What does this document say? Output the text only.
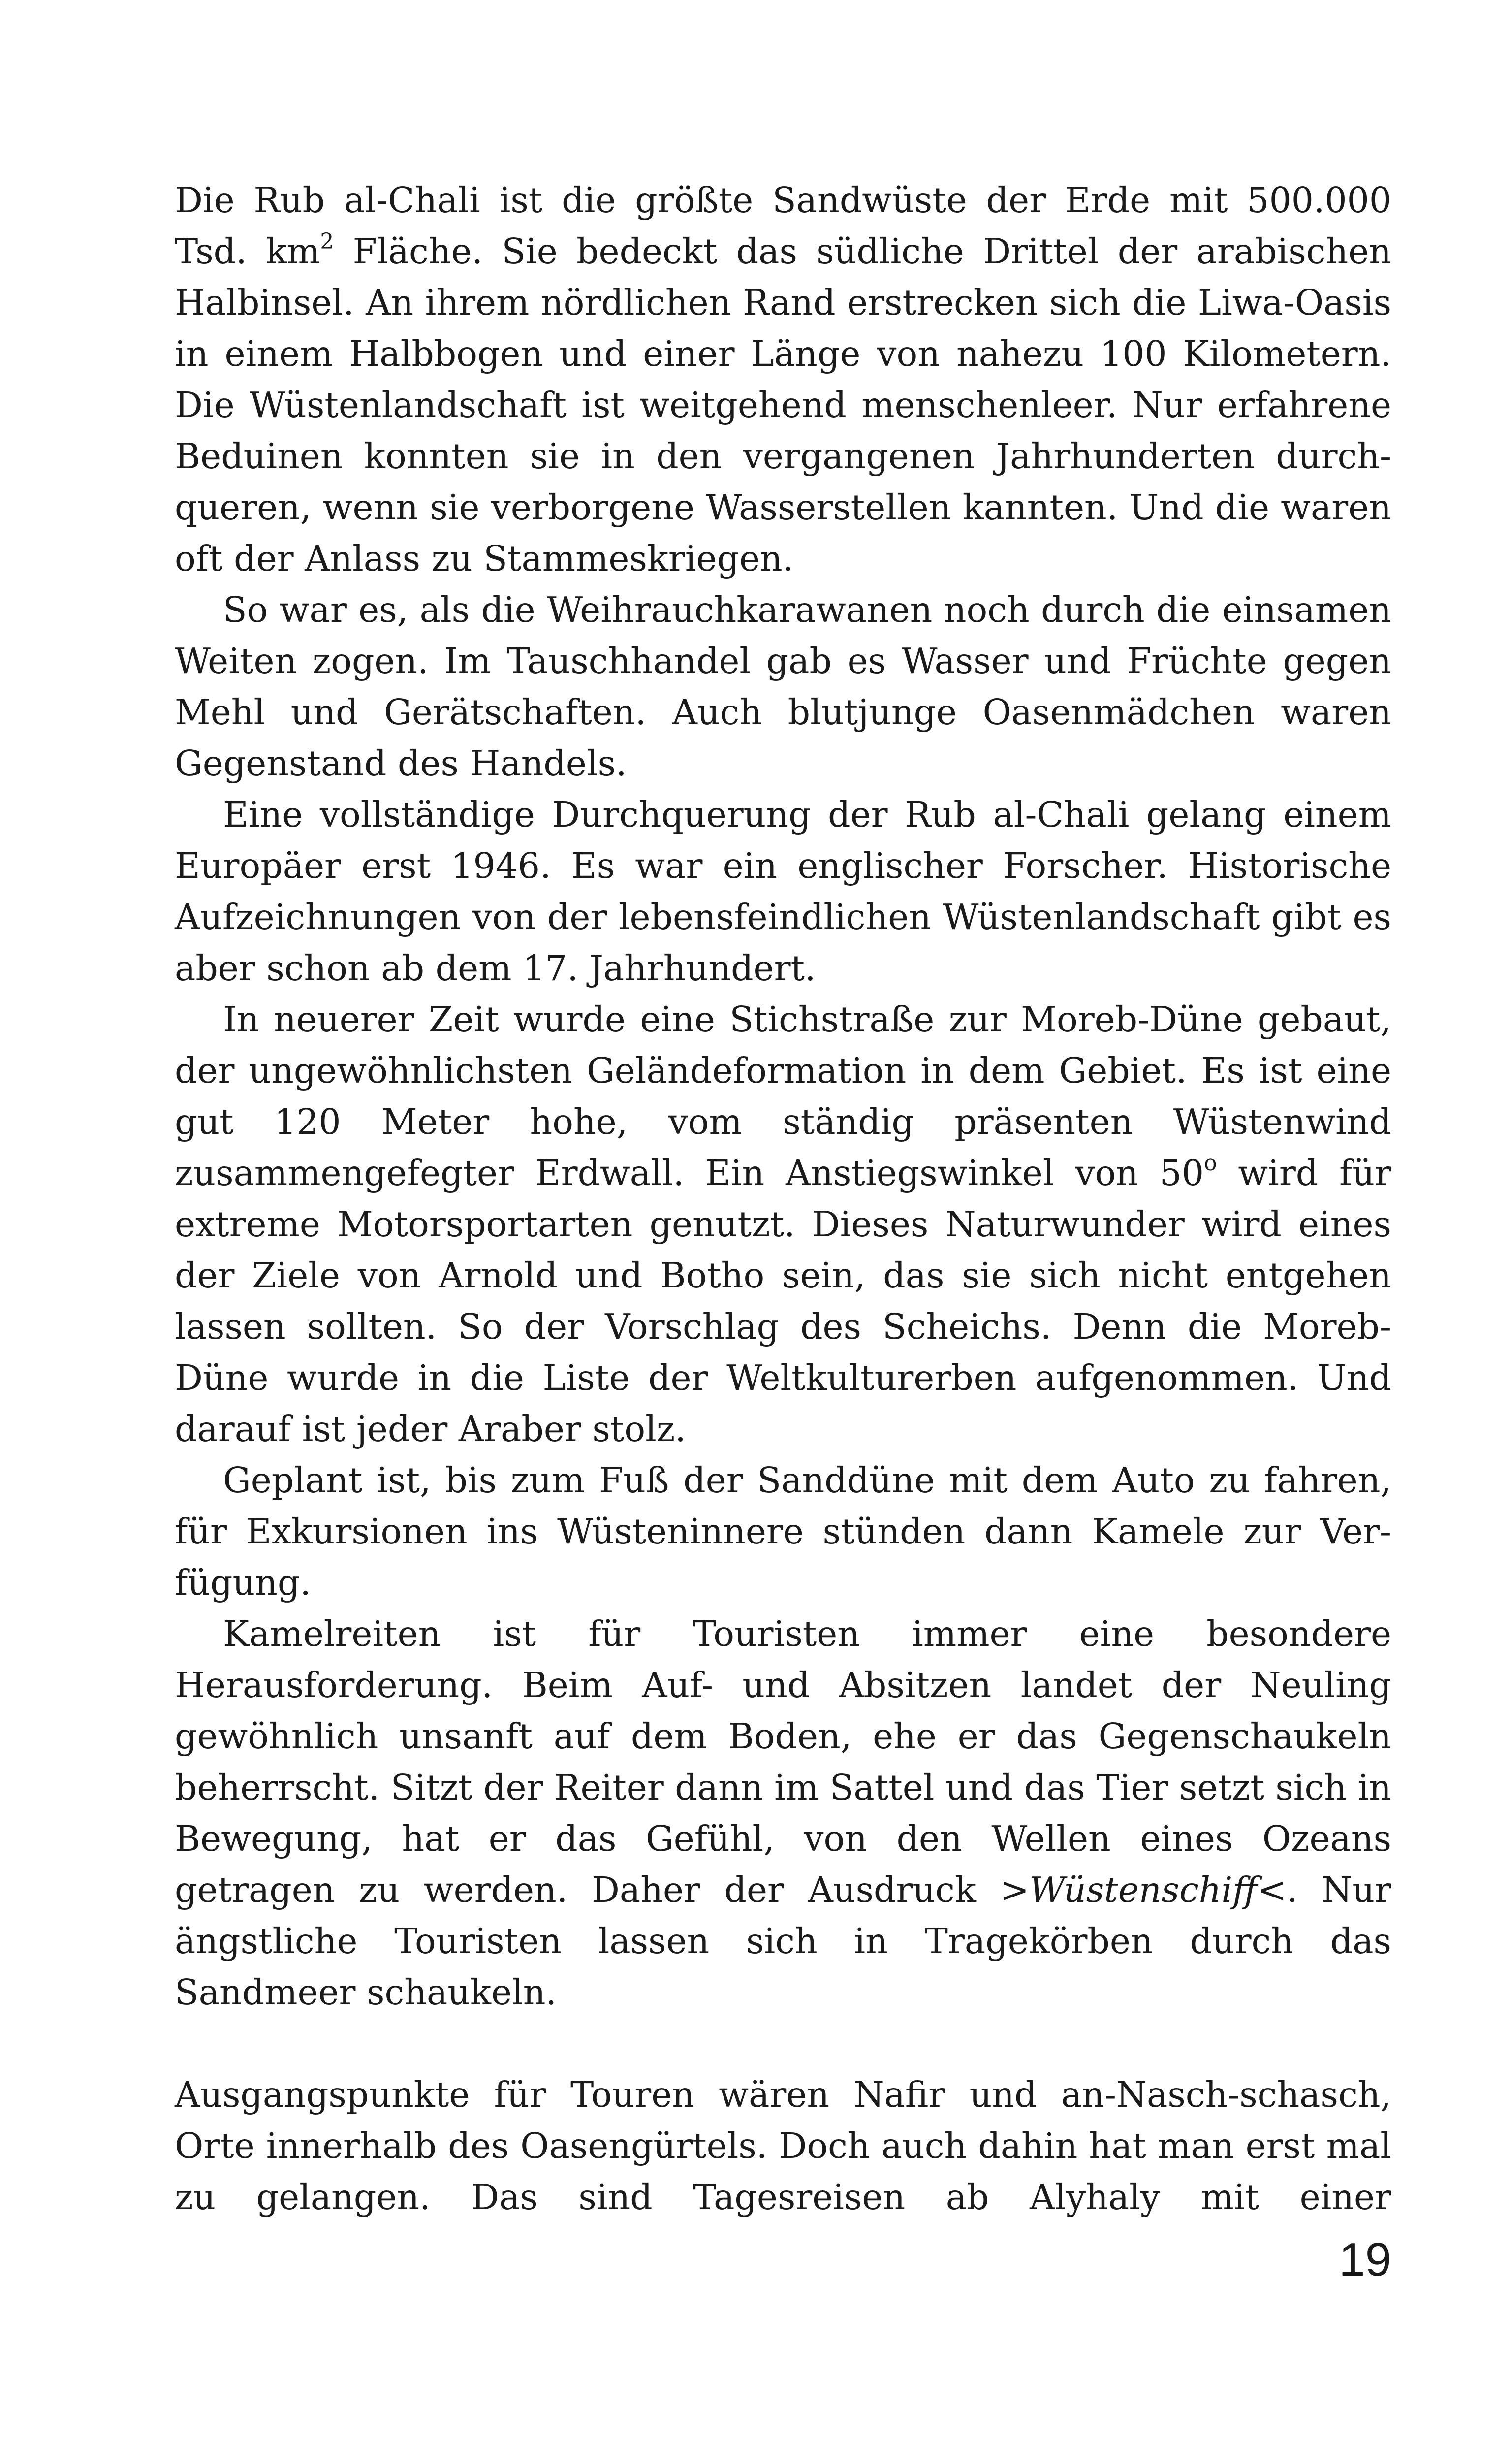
Die Rub al-Chali ist die größte Sandwüste der Erde mit 500.000 Tsd. $km^2$ Fläche. Sie bedeckt das südliche Drittel der arabischen Halbinsel. An ihrem nördlichen Rand erstrecken sich die Liwa-Oasis in einem Halbbogen und einer Länge von nahezu 100 Kilometern. Die Wüstenlandschaft ist weitgehend menschenleer. Nur erfahrene Beduinen konnten sie in den vergangenen Jahrhunderten durchqueren, wenn sie verborgene Wasserstellen kannten. Und die waren oft der Anlass zu Stammeskriegen.

So war es, als die Weihrauchkarawanen noch durch die einsamen Weiten zogen. Im Tauschhandel gab es Wasser und Früchte gegen Mehl und Gerätschaften. Auch blutjunge Oasenmädchen waren Gegenstand des Handels.

Eine vollständige Durchquerung der Rub al-Chali gelang einem Europäer erst 1946. Es war ein englischer Forscher. Historische Aufzeichnungen von der lebensfeindlichen Wüstenlandschaft gibt es aber schon ab dem 17. Jahrhundert.

In neuerer Zeit wurde eine Stichstraße zur Moreb-Düne gebaut, der ungewöhnlichsten Geländeformation in dem Gebiet. Es ist eine gut 120 Meter hohe, vom ständig präsenten Wüstenwind zusammengefegter Erdwall. Ein Anstiegswinkel von 50$^o$ wird für extreme Motorsportarten genutzt. Dieses Naturwunder wird eines der Ziele von Arnold und Botho sein, das sie sich nicht entgehen lassen sollten. So der Vorschlag des Scheichs. Denn die Moreb-Düne wurde in die Liste der Weltkulturerben aufgenommen. Und darauf ist jeder Araber stolz.

Geplant ist, bis zum Fuß der Sanddüne mit dem Auto zu fahren, für Exkursionen ins Wüsteninnere stünden dann Kamele zur Verfügung.

Kamelreiten ist für Touristen immer eine besondere Herausforderung. Beim Auf- und Absitzen landet der Neuling gewöhnlich unsanft auf dem Boden, ehe er das Gegenschaukeln beherrscht. Sitzt der Reiter dann im Sattel und das Tier setzt sich in Bewegung, hat er das Gefühl, von den Wellen eines Ozeans getragen zu werden. Daher der Ausdruck >Wüstenschiff<. Nur ängstliche Touristen lassen sich in Tragekörben durch das Sandmeer schaukeln.

Ausgangspunkte für Touren wären Nafir und an-Nasch-schasch, Orte innerhalb des Oasengürtels. Doch auch dahin hat man erst mal zu gelangen. Das sind Tagesreisen ab Alyhaly mit einer

19
